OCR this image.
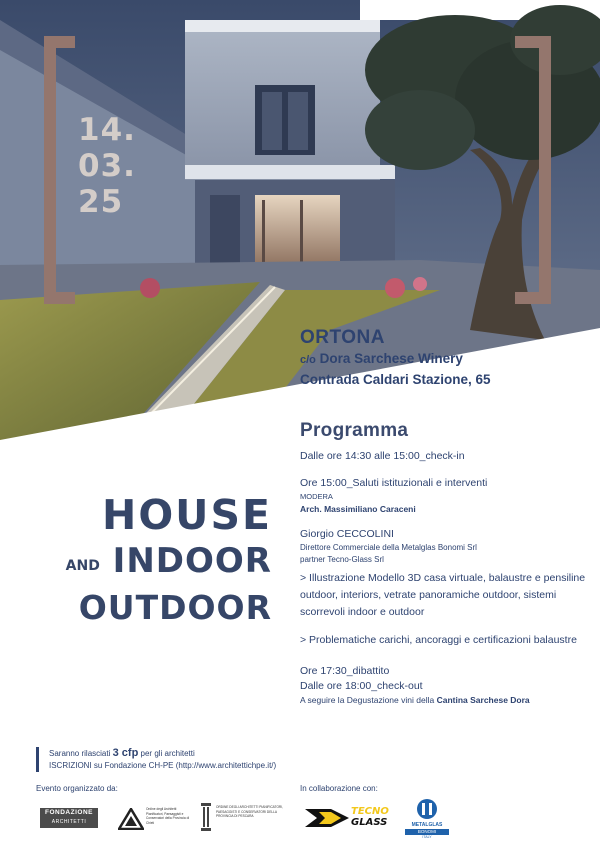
14.
03.
25
ORTONA
c/o Dora Sarchese Winery
Contrada Caldari Stazione, 65
Programma
Dalle ore 14:30 alle 15:00_check-in
Ore 15:00_Saluti istituzionali e interventi
MODERA
Arch. Massimiliano Caraceni
Giorgio CECCOLINI
Direttore Commerciale della Metalglas Bonomi Srl
partner Tecno-Glass Srl
> Illustrazione Modello 3D casa virtuale, balaustre e pensiline outdoor, interiors, vetrate panoramiche outdoor, sistemi scorrevoli indoor e outdoor
> Problematiche carichi, ancoraggi e certificazioni balaustre
Ore 17:30_dibattito
Dalle ore 18:00_check-out
A seguire la Degustazione vini della Cantina Sarchese Dora
HOUSE
AND INDOOR
OUTDOOR
Saranno rilasciati 3 cfp per gli architetti
ISCRIZIONI su Fondazione CH-PE (http://www.architettichpe.it/)
Evento organizzato da:	In collaborazione con:
FONDAZIONE
ARCHITETTI
Ordine degli Architetti Pianificatori, Paesaggisti e Conservatori della Provincia di Chieti
ORDINE DEGLI ARCHITETTI PIANIFICATORI, PAESAGGISTI E CONSERVATORI DELLA PROVINCIA DI PESCARA	TECNO
GLASS	METALGLAS
BONOMI
ITALY
